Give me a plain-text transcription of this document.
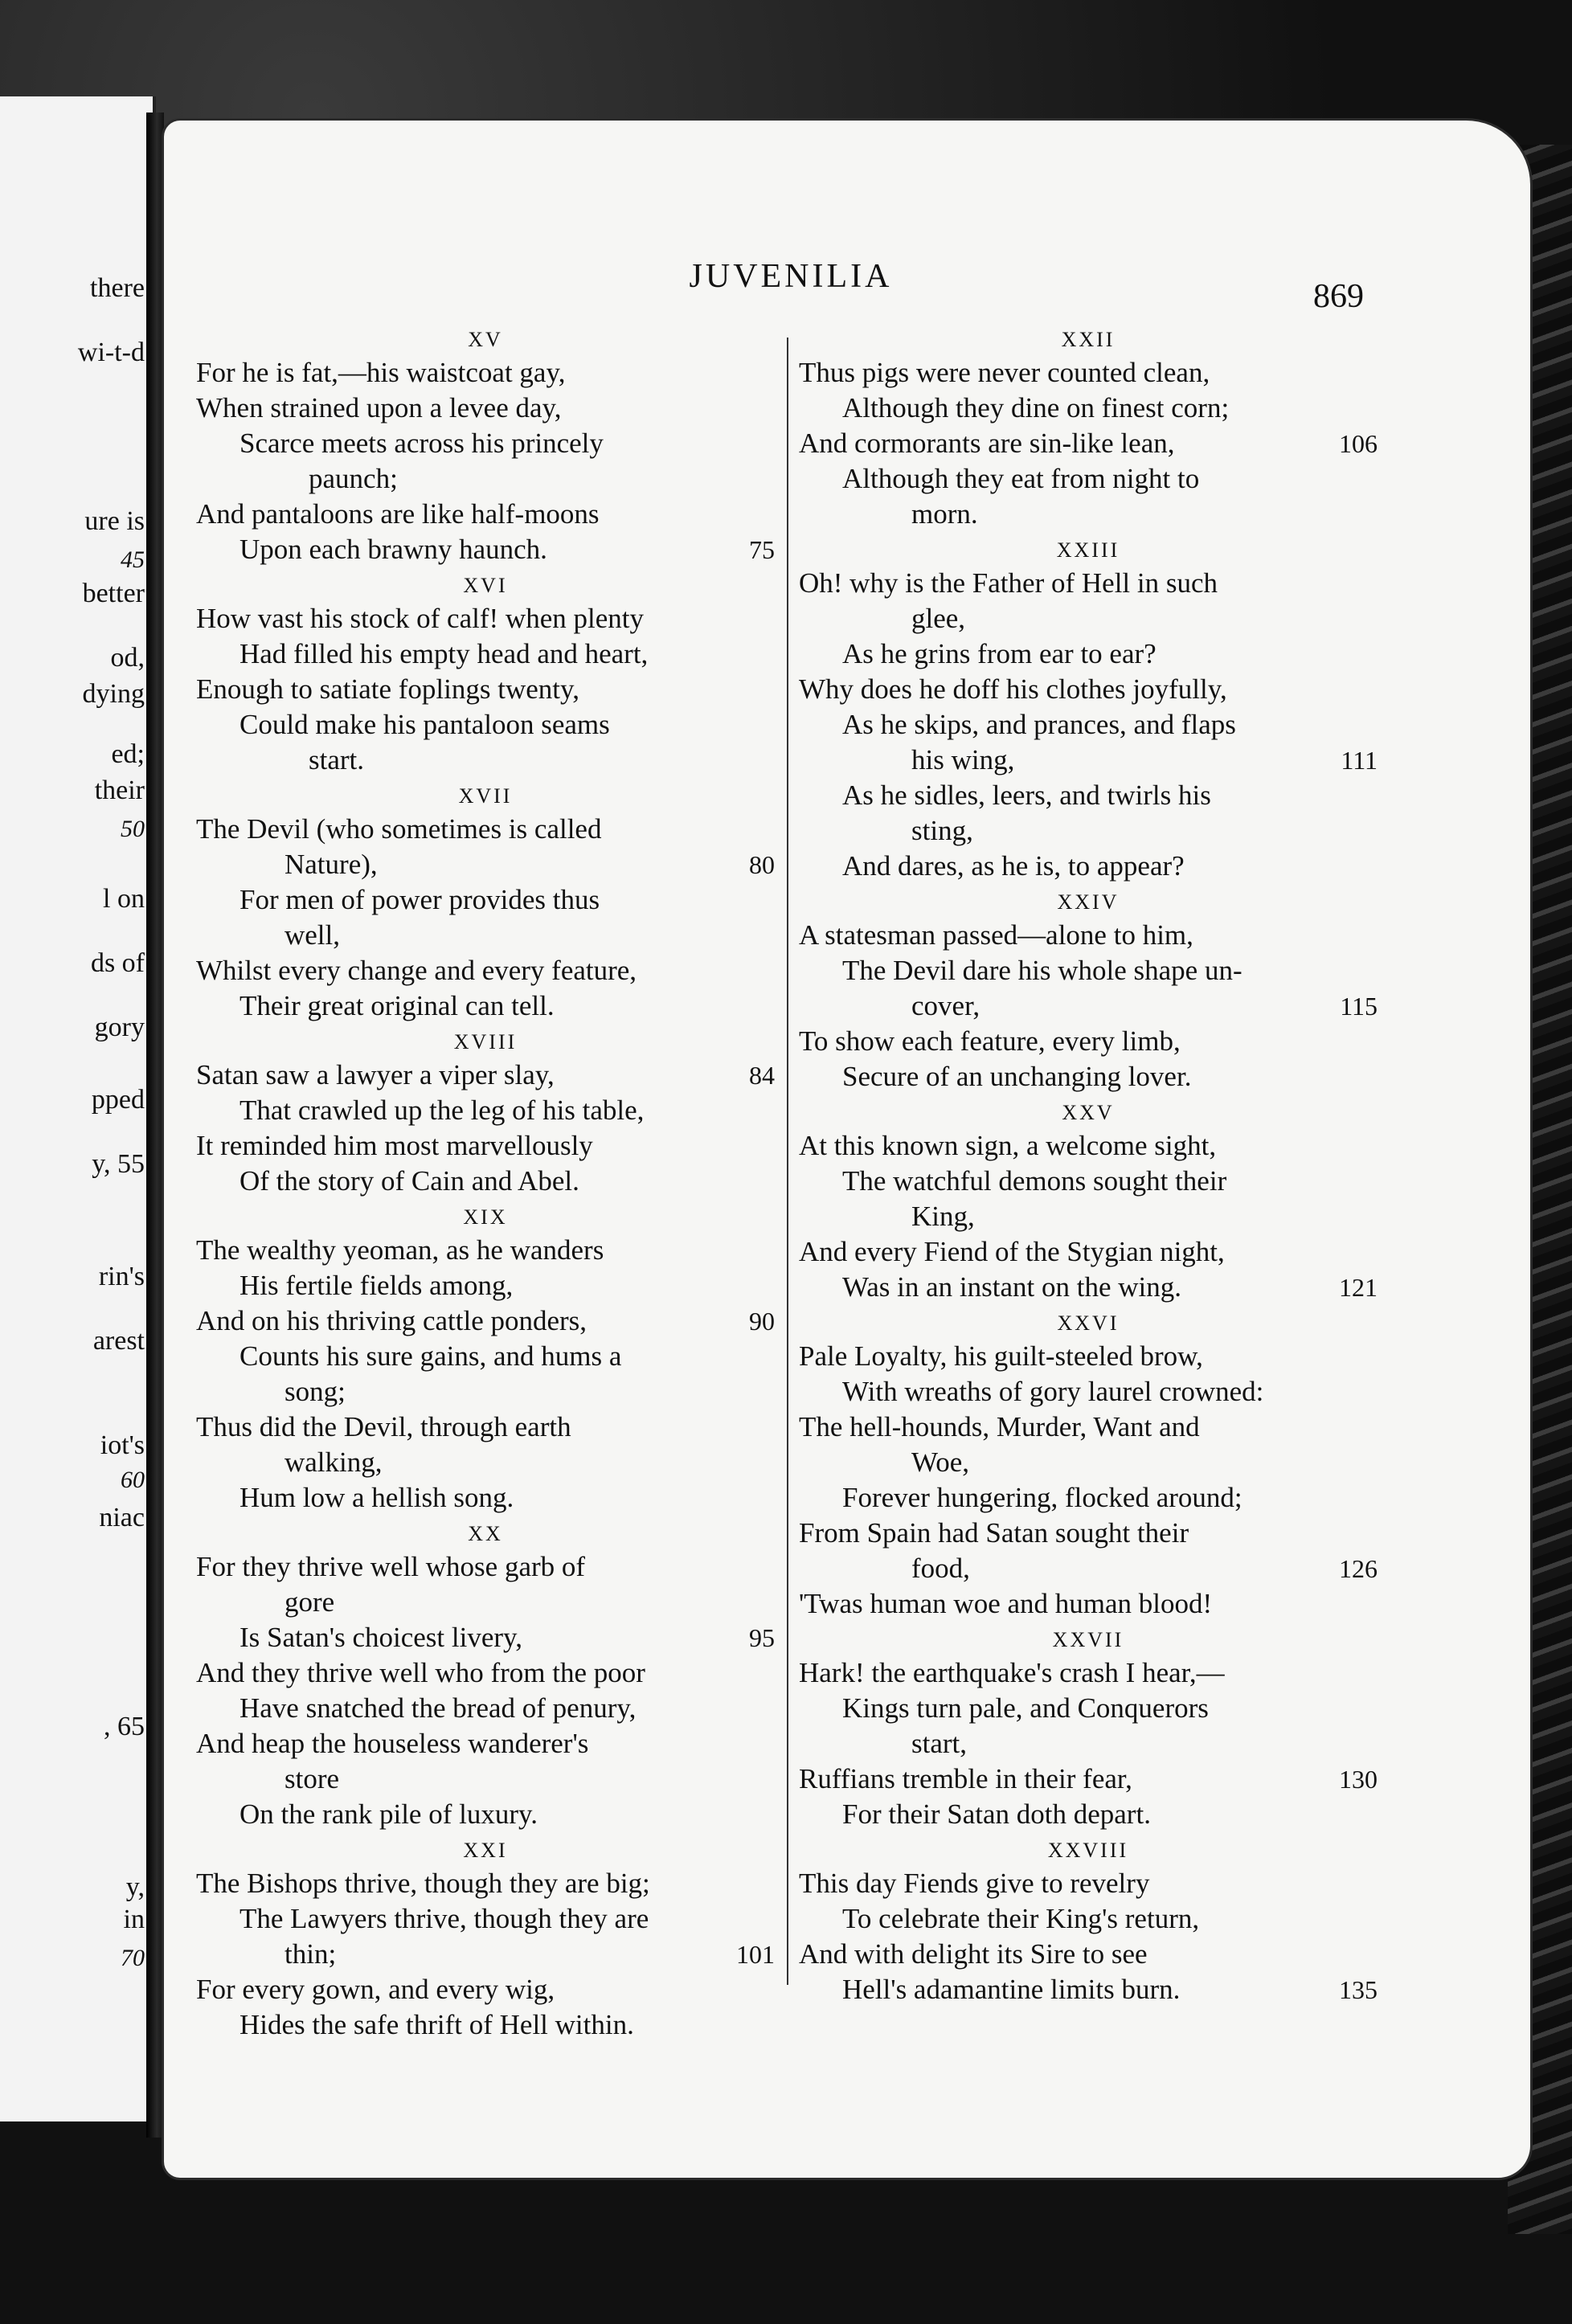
there
wi-t-d
ure is
45
better
od,
dying
ed;
their
50
l on
ds of
gory
pped
y, 55
rin's
arest
iot's
60
niac
, 65
y,
in
70
JUVENILIA
869
XV
For he is fat,—his waistcoat gay,
When strained upon a levee day,
Scarce meets across his princely
paunch;
And pantaloons are like half-moons
Upon each brawny haunch.	75
XVI
How vast his stock of calf! when plenty
Had filled his empty head and heart,
Enough to satiate foplings twenty,
Could make his pantaloon seams
start.
XVII
The Devil (who sometimes is called
Nature),	80
For men of power provides thus
well,
Whilst every change and every feature,
Their great original can tell.
XVIII
Satan saw a lawyer a viper slay,	84
That crawled up the leg of his table,
It reminded him most marvellously
Of the story of Cain and Abel.
XIX
The wealthy yeoman, as he wanders
His fertile fields among,
And on his thriving cattle ponders,	90
Counts his sure gains, and hums a
song;
Thus did the Devil, through earth
walking,
Hum low a hellish song.
XX
For they thrive well whose garb of
gore
Is Satan's choicest livery,	95
And they thrive well who from the poor
Have snatched the bread of penury,
And heap the houseless wanderer's
store
On the rank pile of luxury.
XXI
The Bishops thrive, though they are big;
The Lawyers thrive, though they are
thin;	101
For every gown, and every wig,
Hides the safe thrift of Hell within.
XXII
Thus pigs were never counted clean,
Although they dine on finest corn;
And cormorants are sin-like lean,	106
Although they eat from night to
morn.
XXIII
Oh! why is the Father of Hell in such
glee,
As he grins from ear to ear?
Why does he doff his clothes joyfully,
As he skips, and prances, and flaps
his wing,	111
As he sidles, leers, and twirls his
sting,
And dares, as he is, to appear?
XXIV
A statesman passed—alone to him,
The Devil dare his whole shape un-
cover,	115
To show each feature, every limb,
Secure of an unchanging lover.
XXV
At this known sign, a welcome sight,
The watchful demons sought their
King,
And every Fiend of the Stygian night,
Was in an instant on the wing.	121
XXVI
Pale Loyalty, his guilt-steeled brow,
With wreaths of gory laurel crowned:
The hell-hounds, Murder, Want and
Woe,
Forever hungering, flocked around;
From Spain had Satan sought their
food,	126
'Twas human woe and human blood!
XXVII
Hark! the earthquake's crash I hear,—
Kings turn pale, and Conquerors
start,
Ruffians tremble in their fear,	130
For their Satan doth depart.
XXVIII
This day Fiends give to revelry
To celebrate their King's return,
And with delight its Sire to see
Hell's adamantine limits burn.	135
